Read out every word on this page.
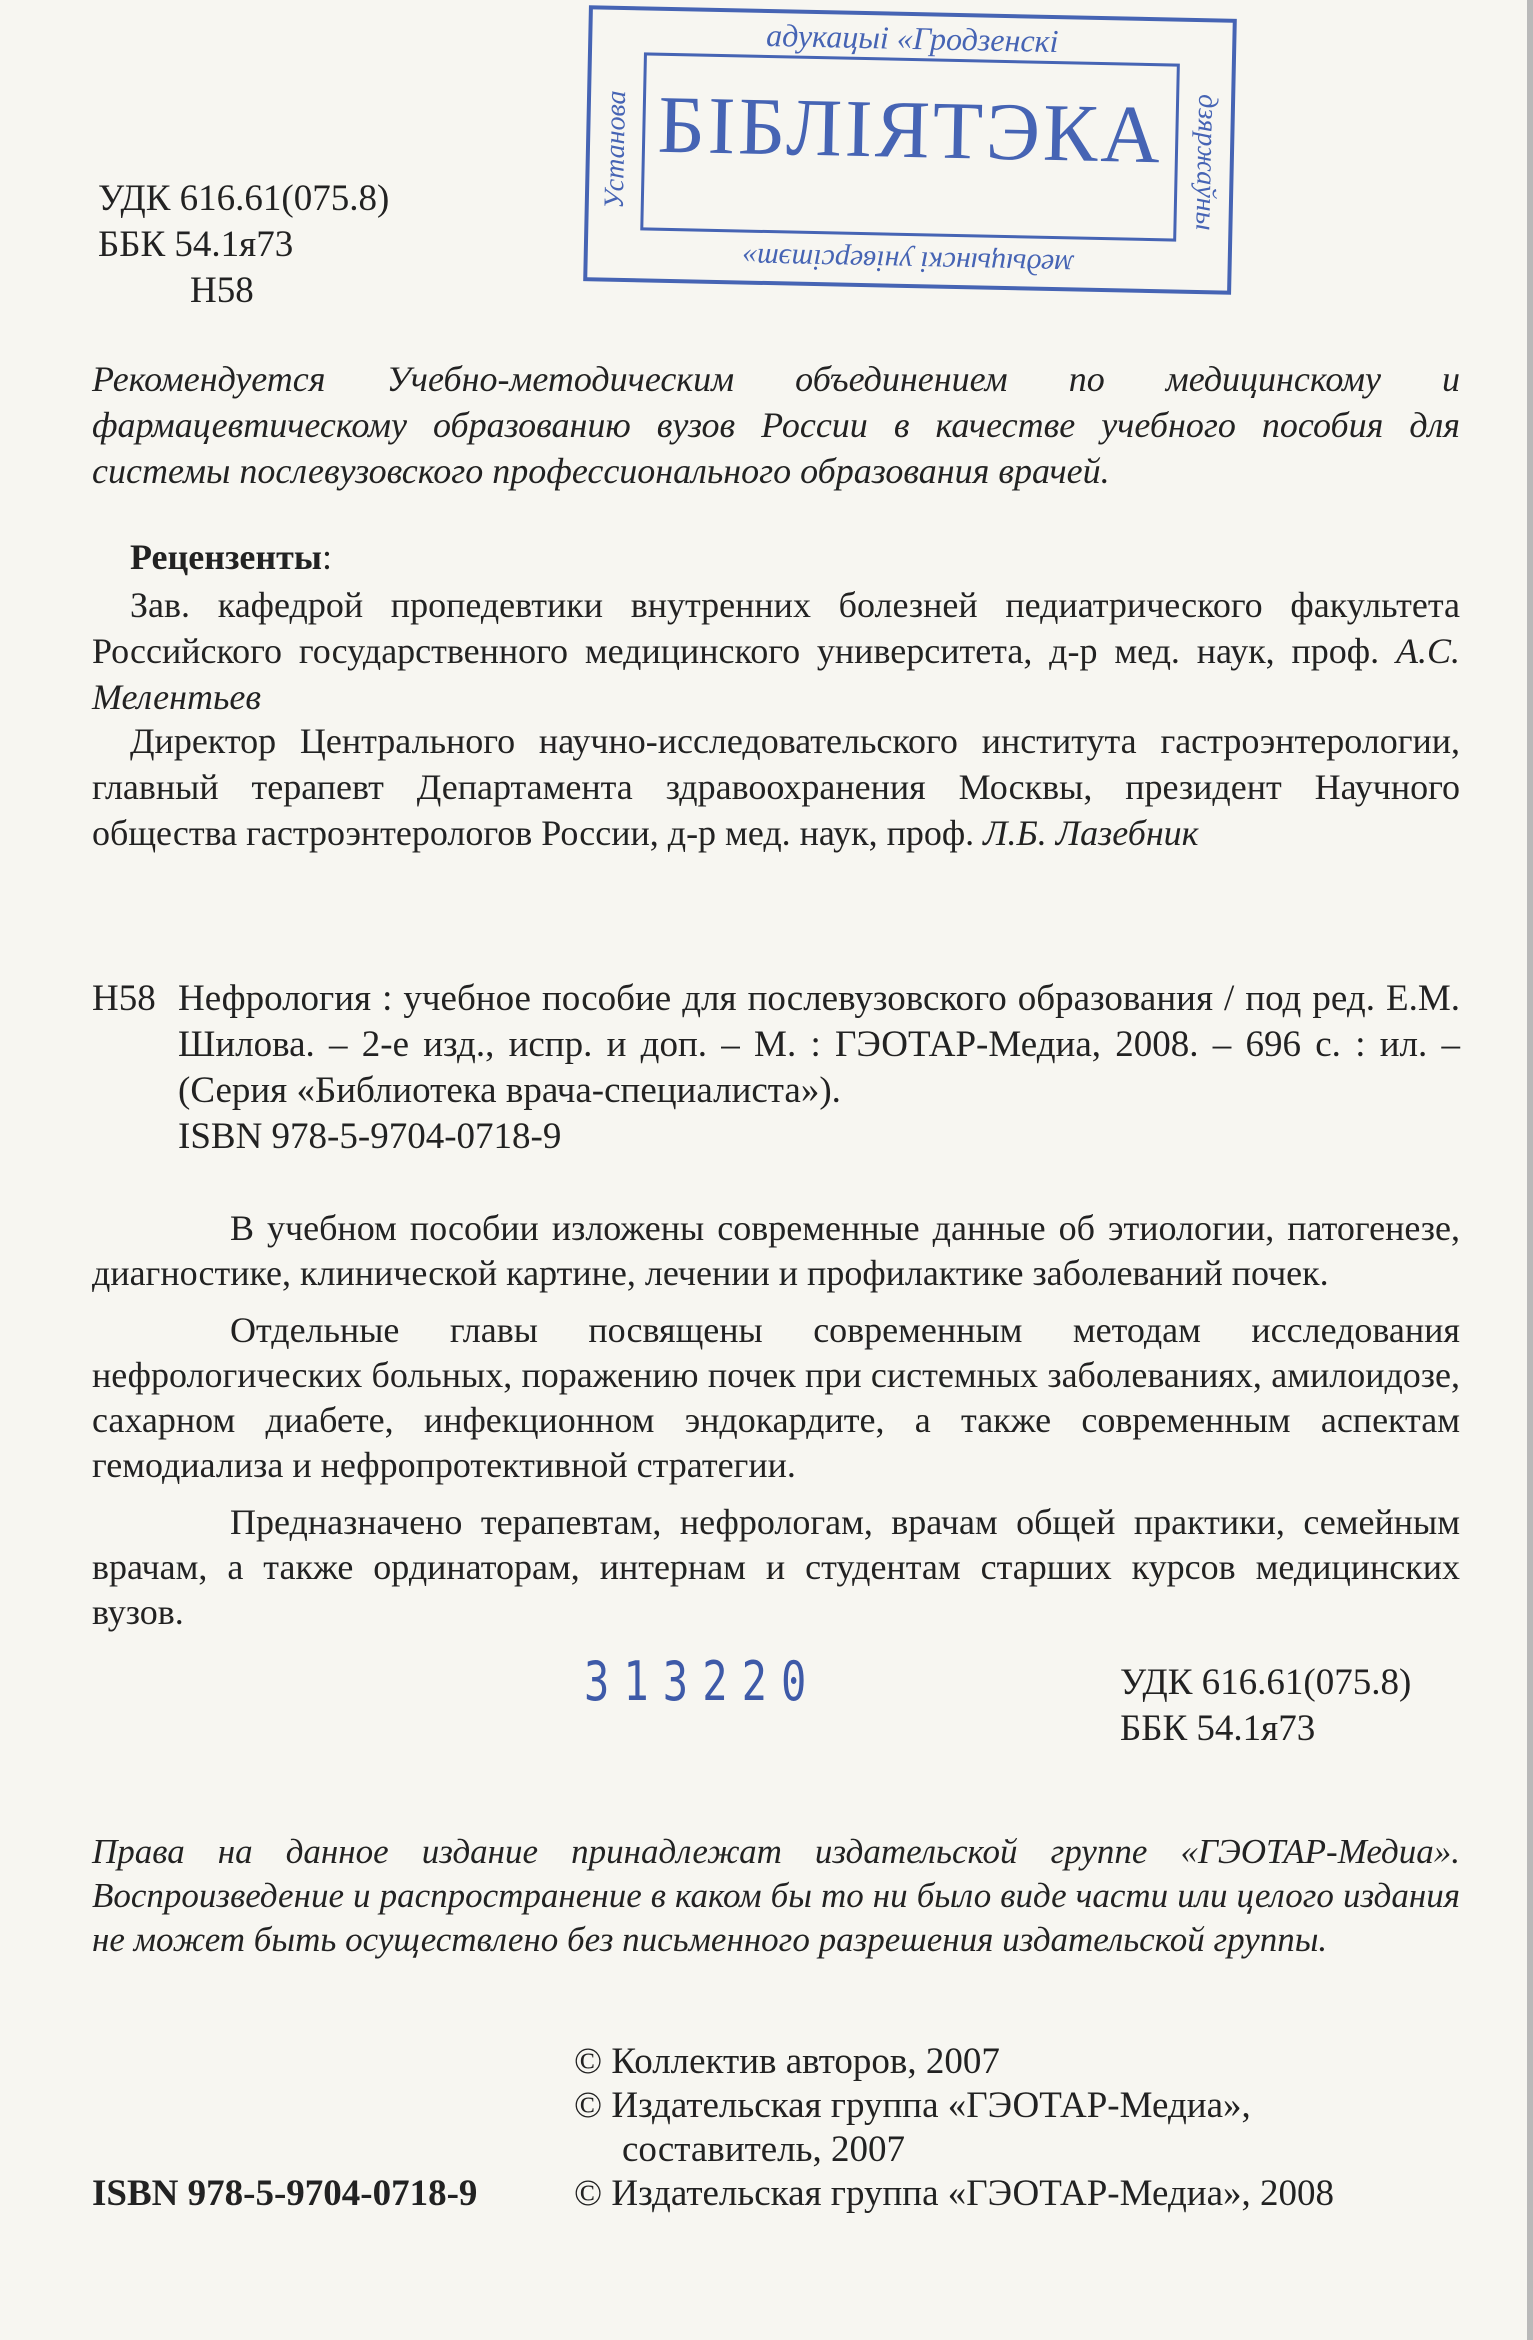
адукацыі «Гродзенскі
Установа	дзяржаўны
БІБЛІЯТЭКА
медыцынскі універсітэт»
УДК 616.61(075.8)
ББК 54.1я73
Н58

Рекомендуется Учебно-методическим объединением по медицинскому и фармацевтическому образованию вузов России в качестве учебного пособия для системы послевузовского профессионального образования врачей.

Рецензенты:

Зав. кафедрой пропедевтики внутренних болезней педиатрического факультета Российского государственного медицинского университета, д-р мед. наук, проф. А.С. Мелентьев

Директор Центрального научно-исследовательского института гастроэнтерологии, главный терапевт Департамента здравоохранения Москвы, президент Научного общества гастроэнтерологов России, д-р мед. наук, проф. Л.Б. Лазебник

Н58 Нефрология : учебное пособие для послевузовского образования / под ред. Е.М. Шилова. – 2-е изд., испр. и доп. – М. : ГЭОТАР-Медиа, 2008. – 696 с. : ил. – (Серия «Библиотека врача-специалиста»).
ISBN 978-5-9704-0718-9

В учебном пособии изложены современные данные об этиологии, патогенезе, диагностике, клинической картине, лечении и профилактике заболеваний почек.

Отдельные главы посвящены современным методам исследования нефрологических больных, поражению почек при системных заболеваниях, амилоидозе, сахарном диабете, инфекционном эндокардите, а также современным аспектам гемодиализа и нефропротективной стратегии.

Предназначено терапевтам, нефрологам, врачам общей практики, семейным врачам, а также ординаторам, интернам и студентам старших курсов медицинских вузов.

313220	УДК 616.61(075.8)
ББК 54.1я73

Права на данное издание принадлежат издательской группе «ГЭОТАР-Медиа». Воспроизведение и распространение в каком бы то ни было виде части или целого издания не может быть осуществлено без письменного разрешения издательской группы.

© Коллектив авторов, 2007
© Издательская группа «ГЭОТАР-Медиа»,
составитель, 2007
© Издательская группа «ГЭОТАР-Медиа», 2008
ISBN 978-5-9704-0718-9
